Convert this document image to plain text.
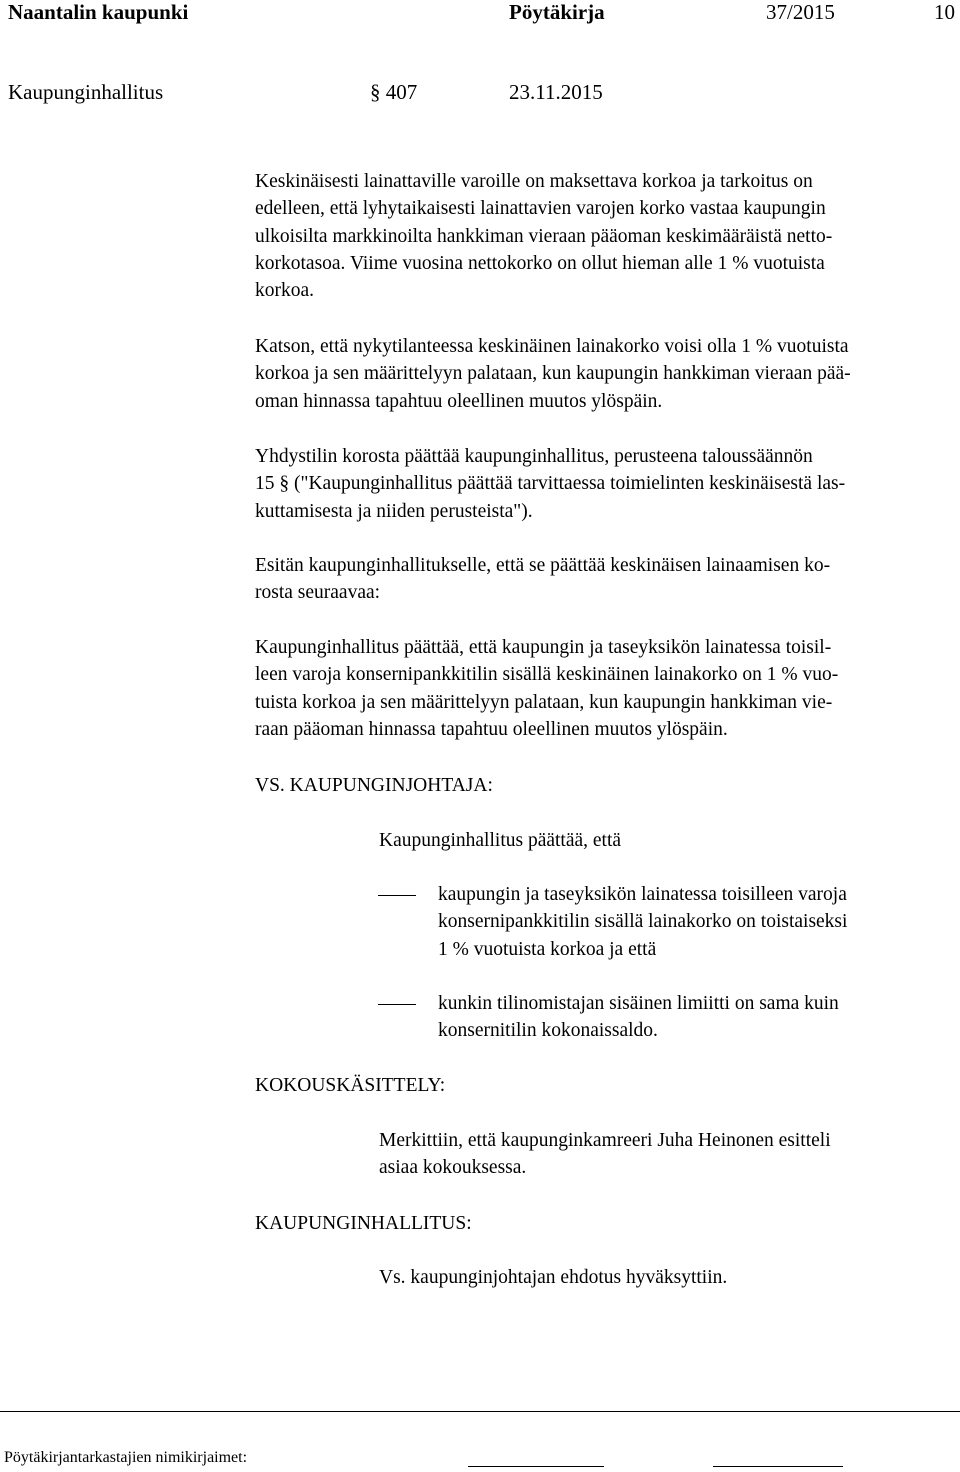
Naantalin kaupunki	Pöytäkirja	37/2015	10
Kaupunginhallitus	§ 407	23.11.2015
Keskinäisesti lainattaville varoille on maksettava korkoa ja tarkoitus on
edelleen, että lyhytaikaisesti lainattavien varojen korko vastaa kaupungin
ulkoisilta markkinoilta hankkiman vieraan pääoman keskimääräistä netto-
korkotasoa. Viime vuosina nettokorko on ollut hieman alle 1 % vuotuista
korkoa.
Katson, että nykytilanteessa keskinäinen lainakorko voisi olla 1 % vuotuista
korkoa ja sen määrittelyyn palataan, kun kaupungin hankkiman vieraan pää-
oman hinnassa tapahtuu oleellinen muutos ylöspäin.
Yhdystilin korosta päättää kaupunginhallitus, perusteena taloussäännön
15 § ("Kaupunginhallitus päättää tarvittaessa toimielinten keskinäisestä las-
kuttamisesta ja niiden perusteista").
Esitän kaupunginhallitukselle, että se päättää keskinäisen lainaamisen ko-
rosta seuraavaa:
Kaupunginhallitus päättää, että kaupungin ja taseyksikön lainatessa toisil-
leen varoja konsernipankkitilin sisällä keskinäinen lainakorko on 1 % vuo-
tuista korkoa ja sen määrittelyyn palataan, kun kaupungin hankkiman vie-
raan pääoman hinnassa tapahtuu oleellinen muutos ylöspäin.
VS. KAUPUNGINJOHTAJA:
Kaupunginhallitus päättää, että
kaupungin ja taseyksikön lainatessa toisilleen varoja
konsernipankkitilin sisällä lainakorko on toistaiseksi
1 % vuotuista korkoa ja että
kunkin tilinomistajan sisäinen limiitti on sama kuin
konsernitilin kokonaissaldo.
KOKOUSKÄSITTELY:
Merkittiin, että kaupunginkamreeri Juha Heinonen esitteli
asiaa kokouksessa.
KAUPUNGINHALLITUS:
Vs. kaupunginjohtajan ehdotus hyväksyttiin.
Pöytäkirjantarkastajien nimikirjaimet:
